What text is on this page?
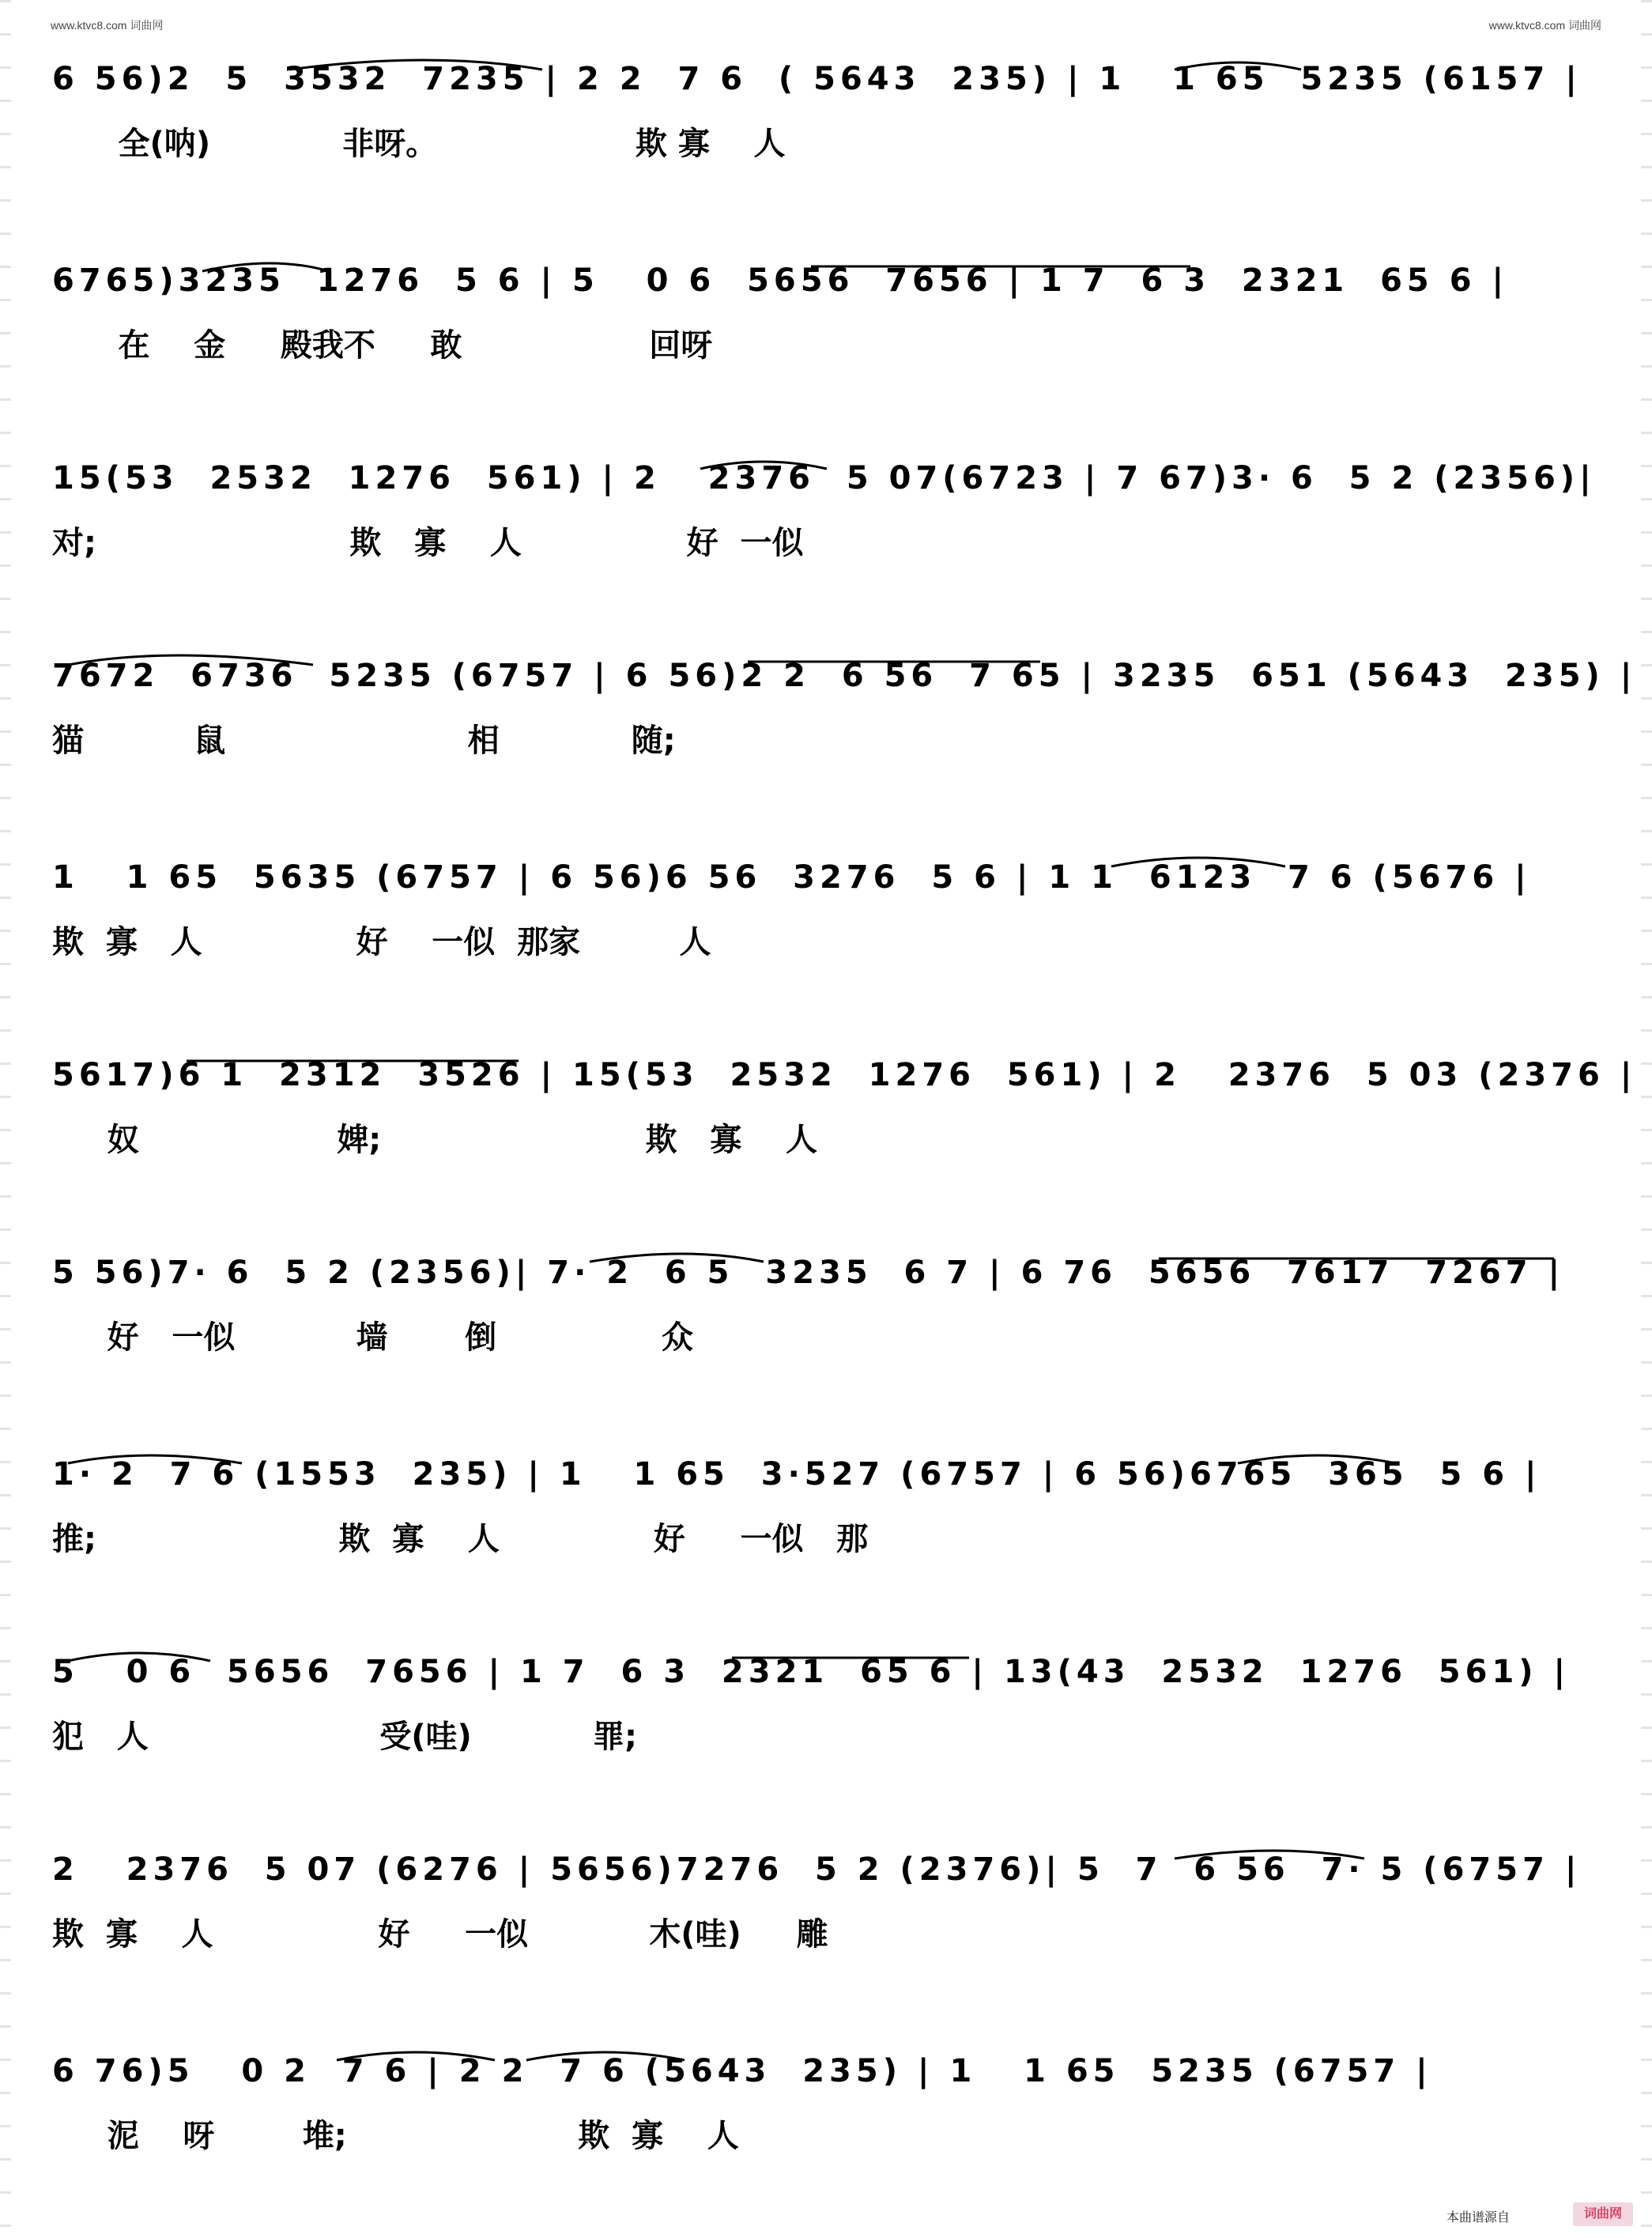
www.ktvc8.com 词曲网	www.ktvc8.com 词曲网
6 56)2  5  3532  7235 | 2 2  7 6  ( 5643  235) | 1   1 65  5235 (6157 |
全(呐)            非呀。                  欺 寡    人
6765)3235  1276  5 6 | 5   0 6  5656  7656 | 1 7  6 3  2321  65 6 |
在    金     殿我不     敢                 回呀
15(53  2532  1276  561) | 2   2376  5 07(6723 | 7 67)3· 6  5 2 (2356)|
对;                       欺   寡    人               好  一似
7672  6736  5235 (6757 | 6 56)2 2  6 56  7 65 | 3235  651 (5643  235) |
猫          鼠                      相            随;
1   1 65  5635 (6757 | 6 56)6 56  3276  5 6 | 1 1  6123  7 6 (5676 |
欺  寡   人              好    一似  那家         人
5617)6 1  2312  3526 | 15(53  2532  1276  561) | 2   2376  5 03 (2376 |
奴                  婢;                        欺   寡    人
5 56)7· 6  5 2 (2356)| 7· 2  6 5  3235  6 7 | 6 76  5656  7617  7267 |
好   一似           墙       倒               众
1· 2  7 6 (1553  235) | 1   1 65  3·527 (6757 | 6 56)6765  365  5 6 |
推;                      欺  寡    人              好     一似   那
5   0 6  5656  7656 | 1 7  6 3  2321  65 6 | 13(43  2532  1276  561) |
犯   人                     受(哇)           罪;
2   2376  5 07 (6276 | 5656)7276  5 2 (2376)| 5  7  6 56  7· 5 (6757 |
欺  寡    人               好     一似           木(哇)     雕
6 76)5   0 2  7 6 | 2 2  7 6 (5643  235) | 1   1 65  5235 (6757 |
泥    呀        堆;                     欺  寡    人
本曲谱源自	词曲网
